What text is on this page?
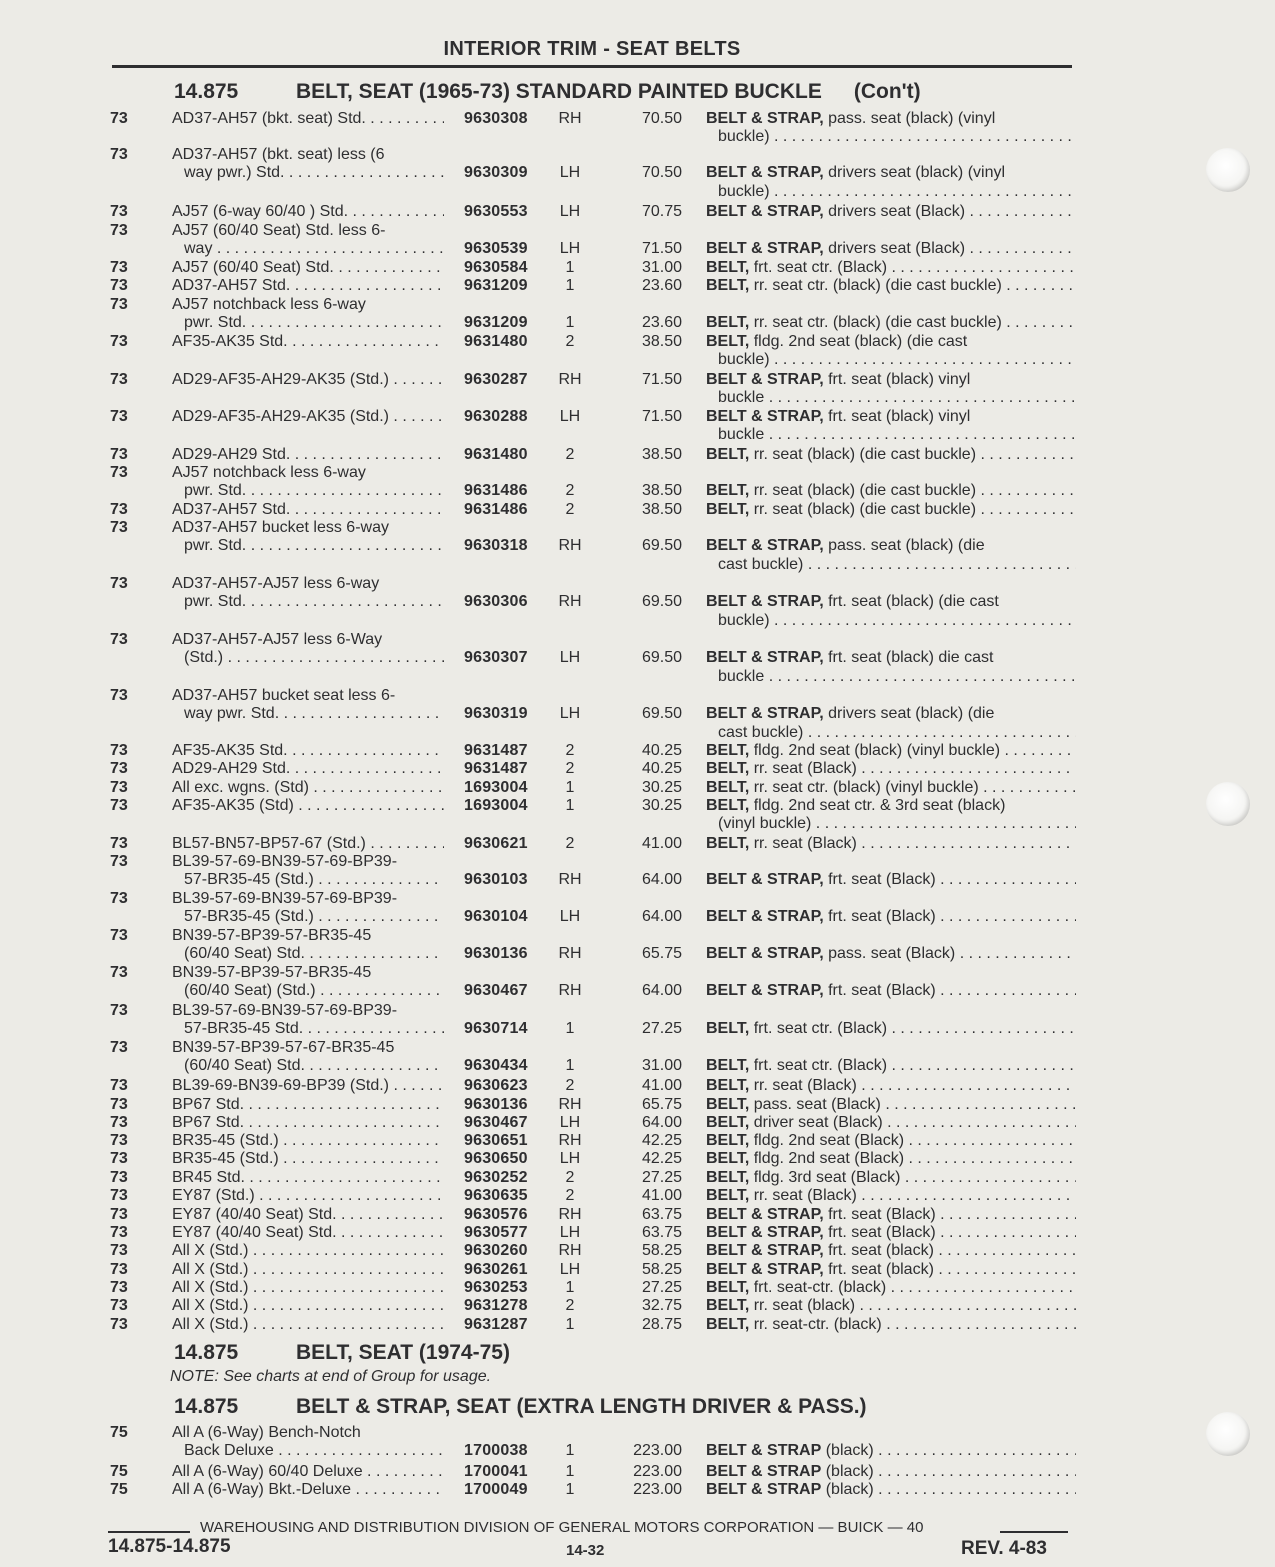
INTERIOR TRIM - SEAT BELTS
14.875	BELT, SEAT (1965-73) STANDARD PAINTED BUCKLE (Con't)
73	AD37-AH57 (bkt. seat) Std. . . .	9630308	RH	70.50 BELT & STRAP, pass. seat (black) (vinyl
buckle) . . .
73	AD37-AH57 (bkt. seat) less (6
way pwr.) Std. . . .	9630309	LH	70.50 BELT & STRAP, drivers seat (black) (vinyl
buckle) . . .
73	AJ57 (6-way 60/40 ) Std. . . .	9630553	LH	70.75 BELT & STRAP, drivers seat (Black) . . .
73	AJ57 (60/40 Seat) Std. less 6-
way . . .	9630539	LH	71.50 BELT & STRAP, drivers seat (Black) . . .
73	AJ57 (60/40 Seat) Std. . . .	9630584	1	31.00 BELT, frt. seat ctr. (Black) . . .
73	AD37-AH57 Std. . . .	9631209	1	23.60 BELT, rr. seat ctr. (black) (die cast buckle) . . .
73	AJ57 notchback less 6-way
pwr. Std. . . .	9631209	1	23.60 BELT, rr. seat ctr. (black) (die cast buckle) . . .
73	AF35-AK35 Std. . . .	9631480	2	38.50 BELT, fldg. 2nd seat (black) (die cast
buckle) . . .
73	AD29-AF35-AH29-AK35 (Std.) . . .	9630287	RH	71.50 BELT & STRAP, frt. seat (black) vinyl
buckle . . .
73	AD29-AF35-AH29-AK35 (Std.) . . .	9630288	LH	71.50 BELT & STRAP, frt. seat (black) vinyl
buckle . . .
73	AD29-AH29 Std. . . .	9631480	2	38.50 BELT, rr. seat (black) (die cast buckle) . . .
73	AJ57 notchback less 6-way
pwr. Std. . . .	9631486	2	38.50 BELT, rr. seat (black) (die cast buckle) . . .
73	AD37-AH57 Std. . . .	9631486	2	38.50 BELT, rr. seat (black) (die cast buckle) . . .
73	AD37-AH57 bucket less 6-way
pwr. Std. . . .	9630318	RH	69.50 BELT & STRAP, pass. seat (black) (die
cast buckle) . . .
73	AD37-AH57-AJ57 less 6-way
pwr. Std. . . .	9630306	RH	69.50 BELT & STRAP, frt. seat (black) (die cast
buckle) . . .
73	AD37-AH57-AJ57 less 6-Way
(Std.) . . .	9630307	LH	69.50 BELT & STRAP, frt. seat (black) die cast
buckle . . .
73	AD37-AH57 bucket seat less 6-
way pwr. Std. . . .	9630319	LH	69.50 BELT & STRAP, drivers seat (black) (die
cast buckle) . . .
73	AF35-AK35 Std. . . .	9631487	2	40.25 BELT, fldg. 2nd seat (black) (vinyl buckle) . . .
73	AD29-AH29 Std. . . .	9631487	2	40.25 BELT, rr. seat (Black) . . .
73	All exc. wgns. (Std) . . .	1693004	1	30.25 BELT, rr. seat ctr. (black) (vinyl buckle) . . .
73	AF35-AK35 (Std) . . .	1693004	1	30.25 BELT, fldg. 2nd seat ctr. & 3rd seat (black)
(vinyl buckle) . . .
73	BL57-BN57-BP57-67 (Std.) . . .	9630621	2	41.00 BELT, rr. seat (Black) . . .
73	BL39-57-69-BN39-57-69-BP39-
57-BR35-45 (Std.) . . .	9630103	RH	64.00 BELT & STRAP, frt. seat (Black) . . .
73	BL39-57-69-BN39-57-69-BP39-
57-BR35-45 (Std.) . . .	9630104	LH	64.00 BELT & STRAP, frt. seat (Black) . . .
73	BN39-57-BP39-57-BR35-45
(60/40 Seat) Std. . . .	9630136	RH	65.75 BELT & STRAP, pass. seat (Black) . . .
73	BN39-57-BP39-57-BR35-45
(60/40 Seat) (Std.) . . .	9630467	RH	64.00 BELT & STRAP, frt. seat (Black) . . .
73	BL39-57-69-BN39-57-69-BP39-
57-BR35-45 Std. . . .	9630714	1	27.25 BELT, frt. seat ctr. (Black) . . .
73	BN39-57-BP39-57-67-BR35-45
(60/40 Seat) Std. . . .	9630434	1	31.00 BELT, frt. seat ctr. (Black) . . .
73	BL39-69-BN39-69-BP39 (Std.) . . .	9630623	2	41.00 BELT, rr. seat (Black) . . .
73	BP67 Std. . . .	9630136	RH	65.75 BELT, pass. seat (Black) . . .
73	BP67 Std. . . .	9630467	LH	64.00 BELT, driver seat (Black) . . .
73	BR35-45 (Std.) . . .	9630651	RH	42.25 BELT, fldg. 2nd seat (Black) . . .
73	BR35-45 (Std.) . . .	9630650	LH	42.25 BELT, fldg. 2nd seat (Black) . . .
73	BR45 Std. . . .	9630252	2	27.25 BELT, fldg. 3rd seat (Black) . . .
73	EY87 (Std.) . . .	9630635	2	41.00 BELT, rr. seat (Black) . . .
73	EY87 (40/40 Seat) Std. . . .	9630576	RH	63.75 BELT & STRAP, frt. seat (Black) . . .
73	EY87 (40/40 Seat) Std. . . .	9630577	LH	63.75 BELT & STRAP, frt. seat (Black) . . .
73	All X (Std.) . . .	9630260	RH	58.25 BELT & STRAP, frt. seat (black) . . .
73	All X (Std.) . . .	9630261	LH	58.25 BELT & STRAP, frt. seat (black) . . .
73	All X (Std.) . . .	9630253	1	27.25 BELT, frt. seat-ctr. (black) . . .
73	All X (Std.) . . .	9631278	2	32.75 BELT, rr. seat (black) . . .
73	All X (Std.) . . .	9631287	1	28.75 BELT, rr. seat-ctr. (black) . . .
75	All A (6-Way) Bench-Notch
Back Deluxe . . .	1700038	1	223.00 BELT & STRAP (black) . . .
75	All A (6-Way) 60/40 Deluxe . . .	1700041	1	223.00 BELT & STRAP (black) . . .
75	All A (6-Way) Bkt.-Deluxe . . .	1700049	1	223.00 BELT & STRAP (black) . . .
14.875	BELT, SEAT (1974-75)
NOTE: See charts at end of Group for usage.
14.875	BELT & STRAP, SEAT (EXTRA LENGTH DRIVER & PASS.)
WAREHOUSING AND DISTRIBUTION DIVISION OF GENERAL MOTORS CORPORATION — BUICK — 40
14.875-14.875	14-32	REV. 4-83
